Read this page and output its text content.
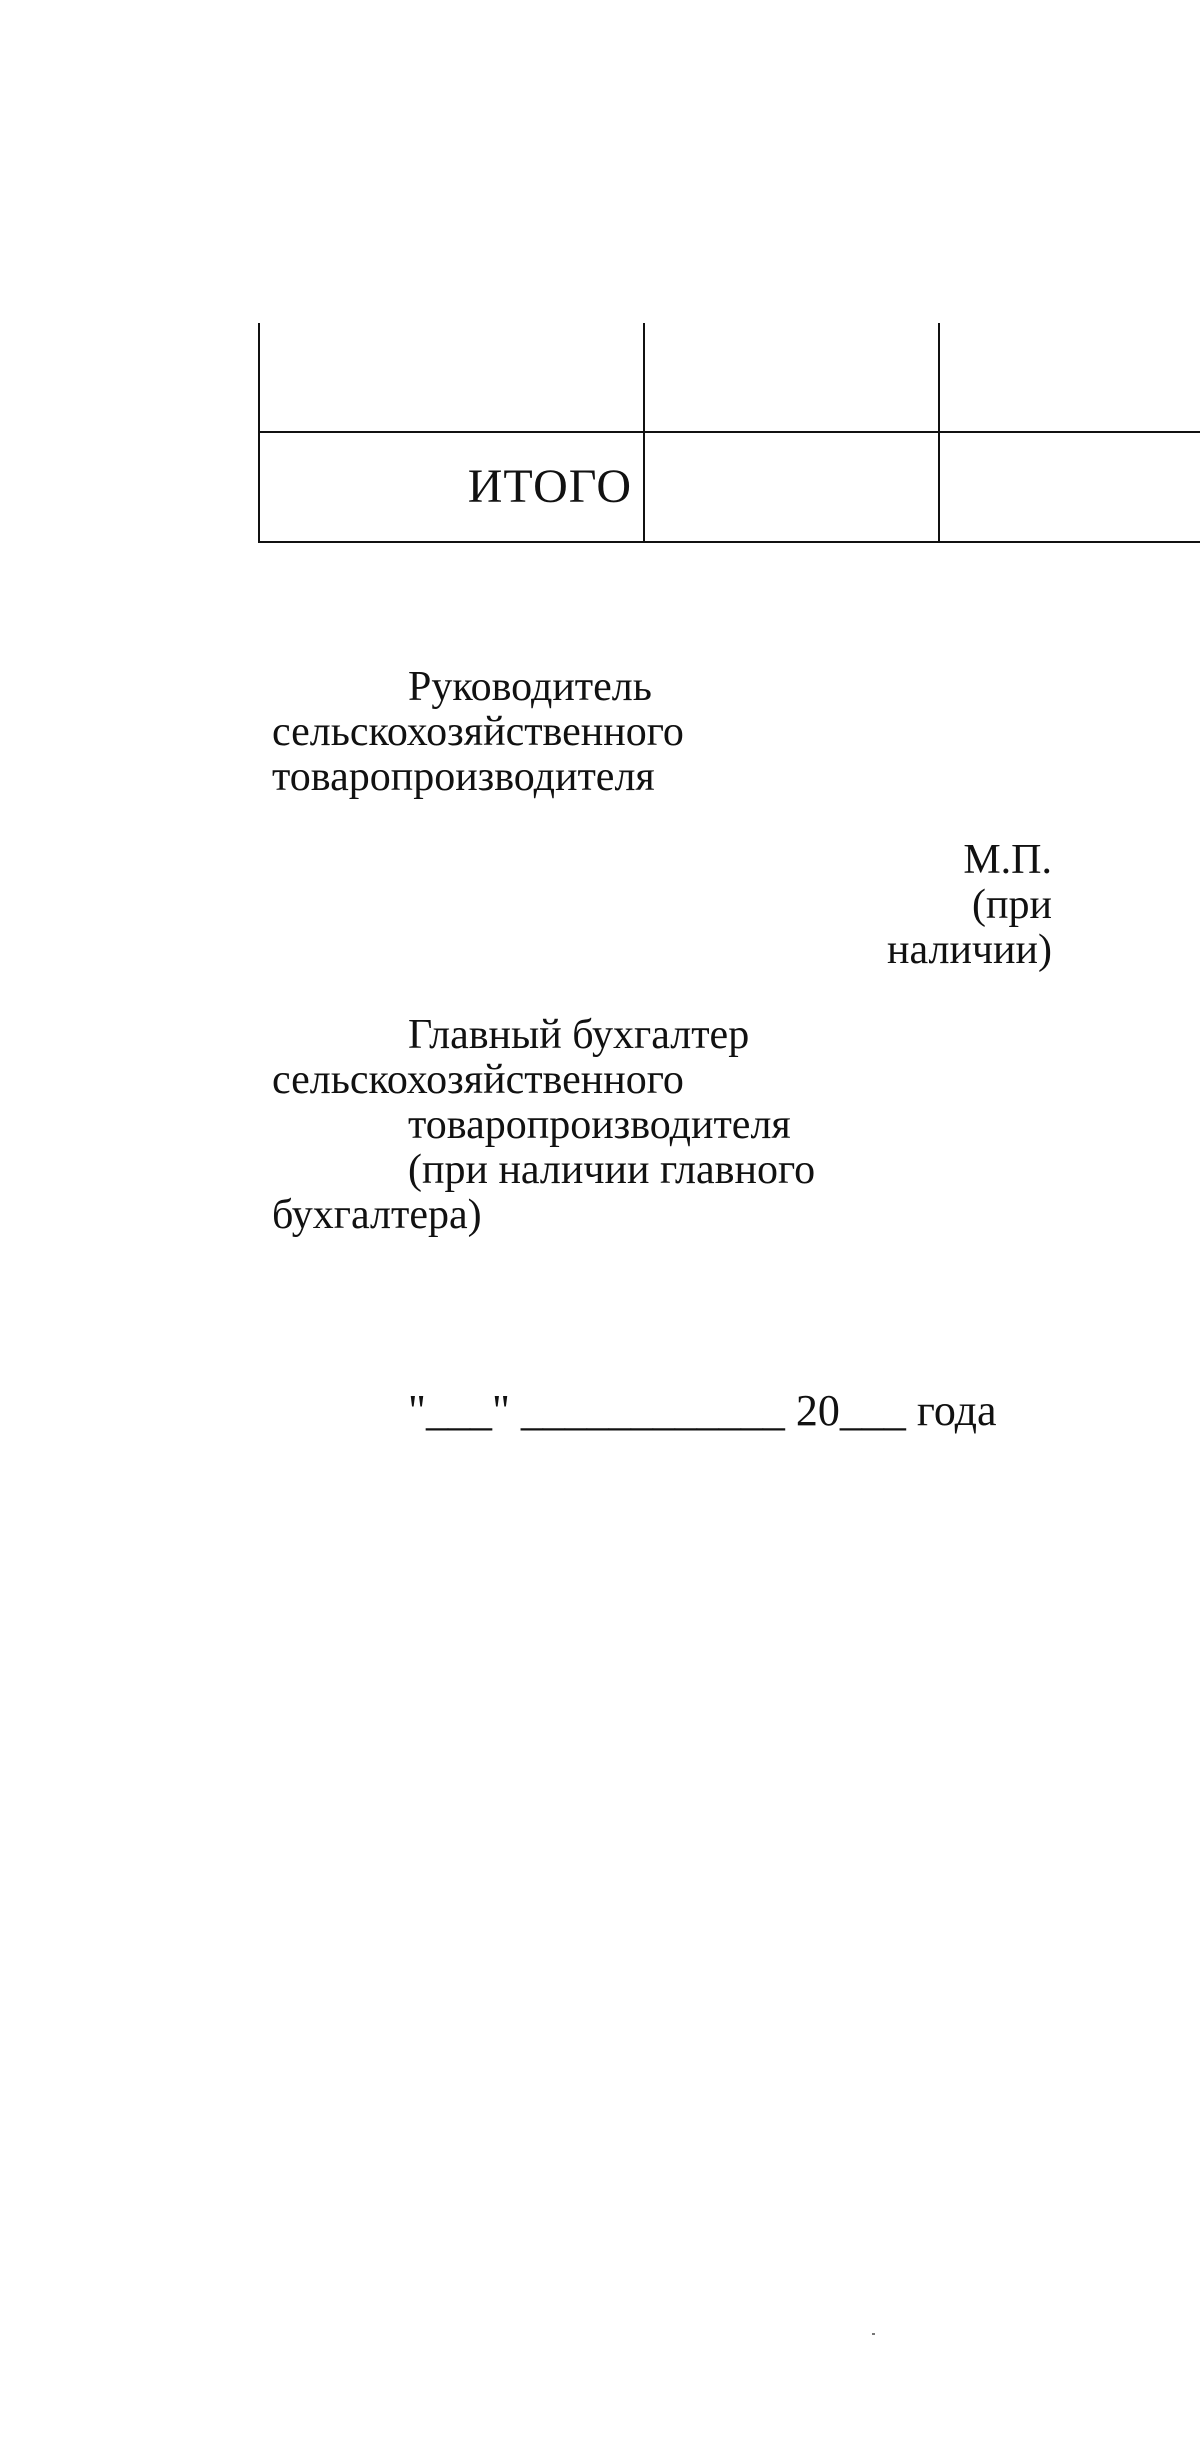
ИТОГО
Руководитель
сельскохозяйственного
товаропроизводителя
М.П.
(при
наличии)
Главный бухгалтер
сельскохозяйственного
товаропроизводителя
(при наличии главного
бухгалтера)
"___" ____________ 20___ года
